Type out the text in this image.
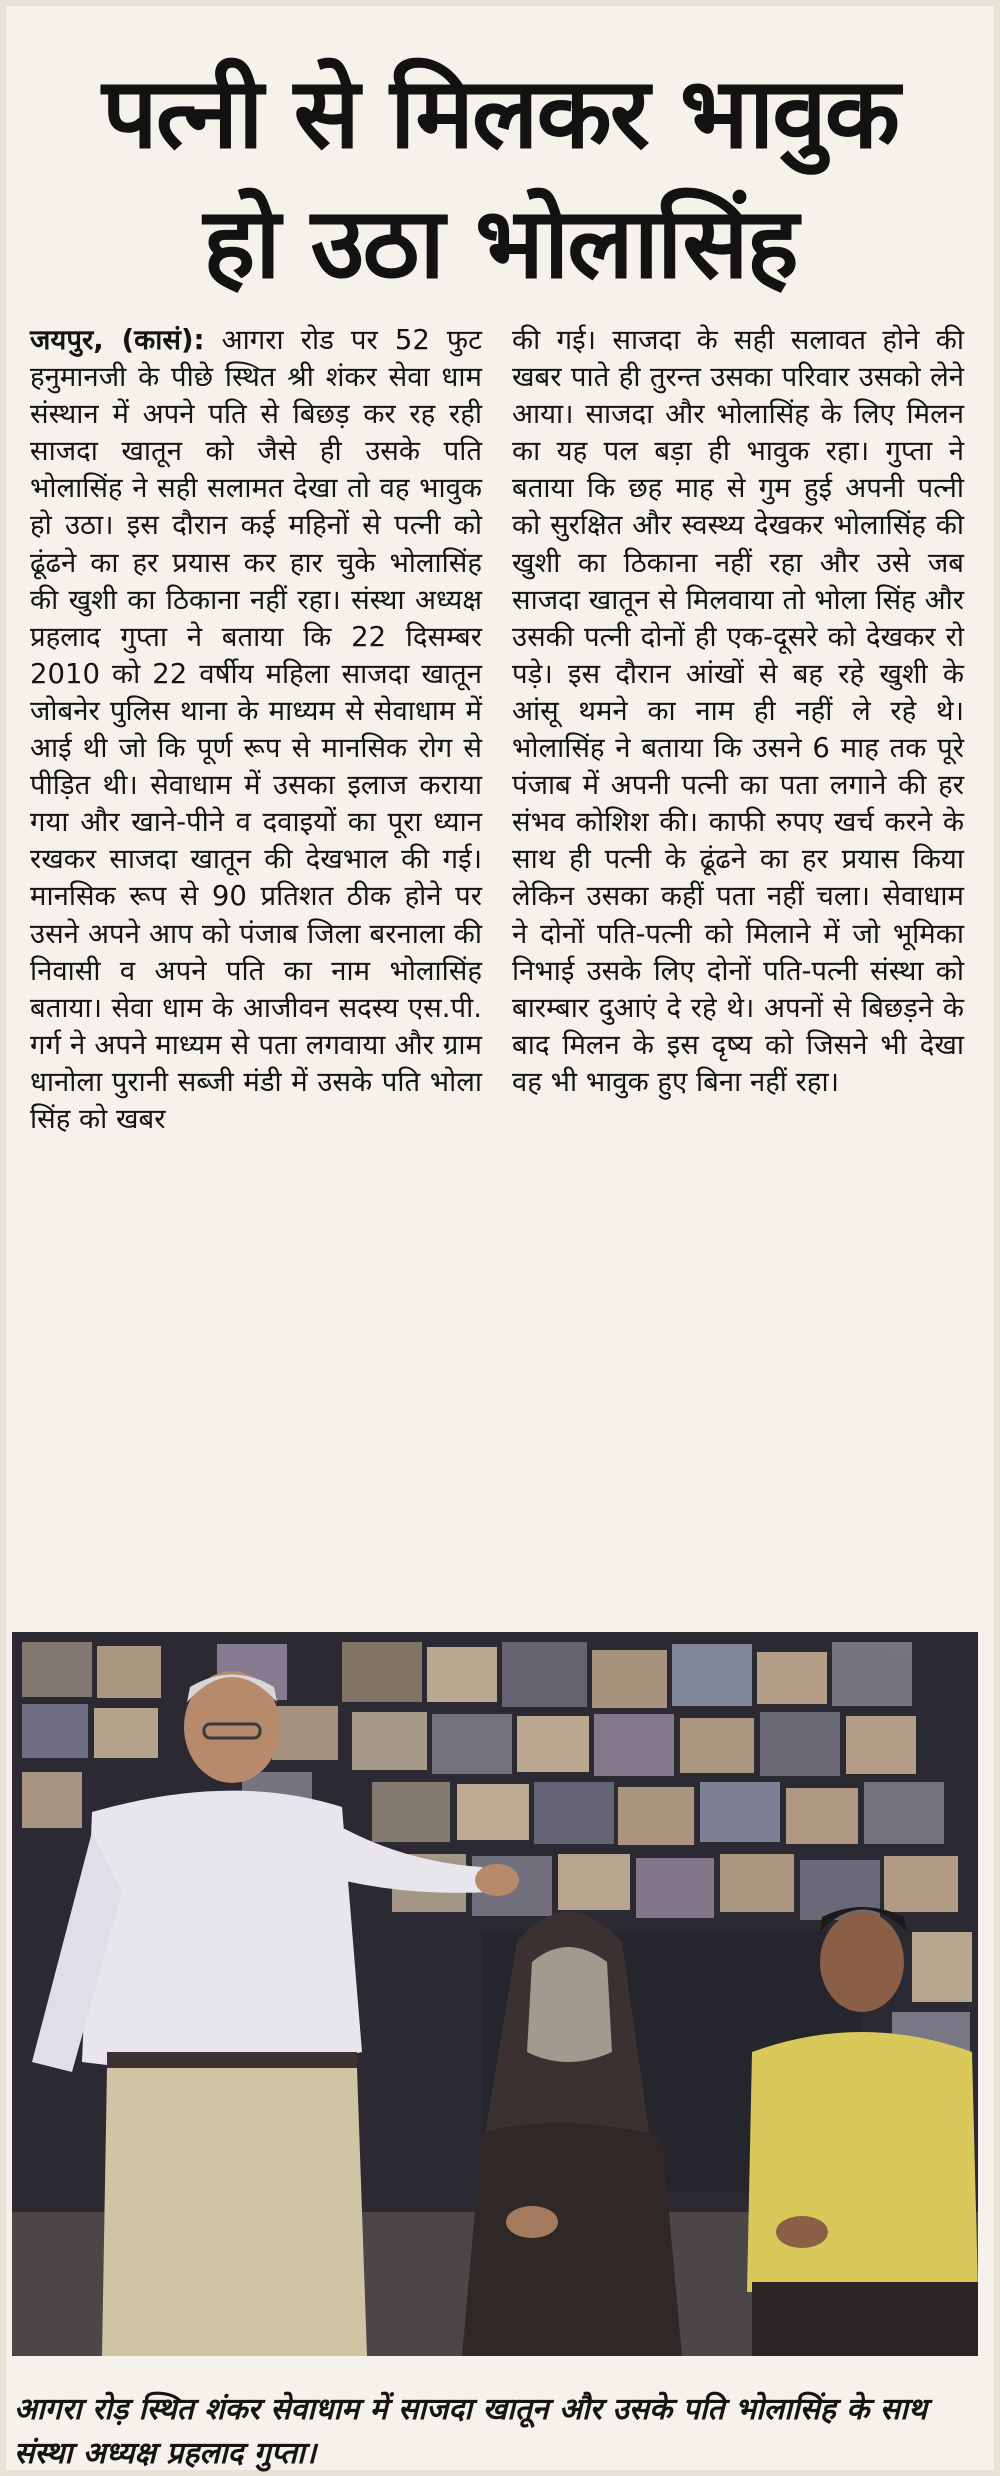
पत्नी से मिलकर भावुक
हो उठा भोलासिंह

जयपुर, (कासं): आगरा रोड पर 52 फुट हनुमानजी के पीछे स्थित श्री शंकर सेवा धाम संस्थान में अपने पति से बिछड़ कर रह रही साजदा खातून को जैसे ही उसके पति भोलासिंह ने सही सलामत देखा तो वह भावुक हो उठा। इस दौरान कई महिनों से पत्नी को ढूंढने का हर प्रयास कर हार चुके भोलासिंह की खुशी का ठिकाना नहीं रहा। संस्था अध्यक्ष प्रहलाद गुप्ता ने बताया कि 22 दिसम्बर 2010 को 22 वर्षीय महिला साजदा खातून जोबनेर पुलिस थाना के माध्यम से सेवाधाम में आई थी जो कि पूर्ण रूप से मानसिक रोग से पीड़ित थी। सेवाधाम में उसका इलाज कराया गया और खाने-पीने व दवाइयों का पूरा ध्यान रखकर साजदा खातून की देखभाल की गई। मानसिक रूप से 90 प्रतिशत ठीक होने पर उसने अपने आप को पंजाब जिला बरनाला की निवासी व अपने पति का नाम भोलासिंह बताया। सेवा धाम के आजीवन सदस्य एस.पी. गर्ग ने अपने माध्यम से पता लगवाया और ग्राम धानोला पुरानी सब्जी मंडी में उसके पति भोला सिंह को खबर

की गई। साजदा के सही सलावत होने की खबर पाते ही तुरन्त उसका परिवार उसको लेने आया। साजदा और भोलासिंह के लिए मिलन का यह पल बड़ा ही भावुक रहा। गुप्ता ने बताया कि छह माह से गुम हुई अपनी पत्नी को सुरक्षित और स्वस्थ्य देखकर भोलासिंह की खुशी का ठिकाना नहीं रहा और उसे जब साजदा खातून से मिलवाया तो भोला सिंह और उसकी पत्नी दोनों ही एक-दूसरे को देखकर रो पड़े। इस दौरान आंखों से बह रहे खुशी के आंसू थमने का नाम ही नहीं ले रहे थे। भोलासिंह ने बताया कि उसने 6 माह तक पूरे पंजाब में अपनी पत्नी का पता लगाने की हर संभव कोशिश की। काफी रुपए खर्च करने के साथ ही पत्नी के ढूंढने का हर प्रयास किया लेकिन उसका कहीं पता नहीं चला। सेवाधाम ने दोनों पति-पत्नी को मिलाने में जो भूमिका निभाई उसके लिए दोनों पति-पत्नी संस्था को बारम्बार दुआएं दे रहे थे। अपनों से बिछड़ने के बाद मिलन के इस दृष्य को जिसने भी देखा वह भी भावुक हुए बिना नहीं रहा।

आगरा रोड़ स्थित शंकर सेवाधाम में साजदा खातून और उसके पति भोलासिंह के साथ संस्था अध्यक्ष प्रहलाद गुप्ता।
